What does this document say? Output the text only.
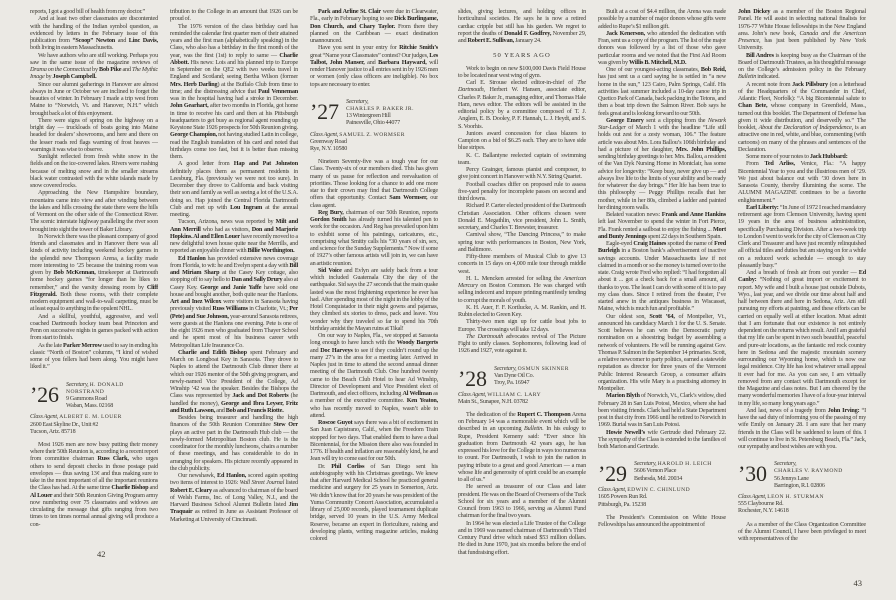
reports, I got a good bill of health from my doctor.”

And at least two other classmates are discontented with the handling of the Indian symbol question, as evidenced by letters in the February issue of this publication from “Scoop” Newton and Linc Davis, both living in eastern Massachusetts.

We have authors who are still working. Perhaps you saw in the same issue of the magazine reviews of Drama on the Connecticut by Bob Pike and The Mythic Image by Joseph Campbell.

Since our alumni gatherings in Hanover are almost always in June or October we are inclined to forget the beauties of winter. In February I made a trip west from Maine to “Norwich, Vt. and Hanover, N.H.” which brought back a lot of this enjoyment.

There were signs of spring on the highway on a bright day — truckloads of boats going into Maine headed for dealers’ showrooms, and here and there on the lesser roads red flags warning of frost heaves — warnings it was wise to observe.

Sunlight reflected from fresh white snow in the fields and on the ice-covered lakes. Rivers were rushing because of melting snow and in the smaller streams black water contrasted with the white islands made by snow covered rocks.

Approaching the New Hampshire boundary, mountains came into view and after winding between the lakes and hills crossing the state there were the hills of Vermont on the other side of the Connecticut River. The scenic interstate highway paralleling the river soon brought into sight the tower of Baker Library.

In Norwich there was the pleasant company of good friends and classmates and in Hanover there was all kinds of activity including weekend hockey games in the splendid new Thompson Arena, a facility made more interesting to ’25 because the training room was given by Bob McKennan, timekeeper at Dartmouth home hockey games “for longer than he likes to remember,” and the varsity dressing room by Cliff Fitzgerald. Both these rooms, with their complete modern equipment and wall-to-wall carpeting, must be at least equal to anything in the opulent NHL.

And a skillful, youthful, aggressive, and well coached Dartmouth hockey team beat Princeton and Penn on successive nights in games packed with action from start to finish.

As the late Parker Merrow used to say in ending his classic “North of Boston” columns, “I kind of wished some of you fellers had been along. You might have liked it.”

’26	Secretary, H. DONALD NORSTRAND
9 Gammons Road
Waban, Mass. 02168
Class Agent, ALBERT E. M. LOUER
2600 East Skyline Dr., Unit #2
Tucson, Ariz. 85718

Most 1926 men are now busy putting their money where their 50th Reunion is, according to a recent report from committee chairman Russ Clark, who urges others to send deposit checks in those postage paid envelopes — thus saving 13¢ and thus making sure to take in the most important of all the important reunions the Class has had. At the same time Charlie Bishop and Al Louer and their 50th Reunion Giving Program army now numbering over 75 classmates and widows are circulating the message that gifts ranging from two times to ten times normal annual giving will produce a con-

tribution to the College in an amount that 1926 can be proud of.

The 1976 version of the class birthday card has reminded the calendar first quarter men of their attained years and the first man (alphabetically speaking) in the Class, who also has a birthday in the first month of the year, was the first (1st) to reply to same — Charlie Abbott. His news: Lois and his planned trip to Europe in September on the QE2 with two weeks travel in England and Scotland; seeing Bertha Wilson (former Mrs. Herb Darling) at the Buffalo Club from time to time; and the distressing advice that Paul Venneman was in the hospital having had a stroke in December. John Gearhart, after two months in Florida, got home in time to receive his card and then at his Pittsburgh headquarters to get busy as regional agent rounding up Keystone State 1926 prospects for 50th Reunion giving. George Champion, not having studied Latin in college, read the English translation of his card and noted that birthdays come too fast, but it is better than missing them.

A good letter from Hap and Pat Johnston definitely places them as permanent residents in Leesburg, Fla. (previously we were not too sure). In December they drove to California and back visiting their son and family as well as seeing a lot of the U.S.A. doing so. Hap joined the Central Florida Dartmouth Club and met up with Lou Ingram at the annual meeting.

Tucson, Arizona, news was reported by Milt and Ann Merrill who had as visitors, Don and Marjorie Hopkins. Al and Ellen Louer have recently moved to a new delightful town house quite near the Merrills, and reported an enjoyable dinner with Billie Worthington.

Ed Hanlon has provided extensive news coverage from Florida, to wit: he and Evelyn spent a day with Bill and Miriam Sharp at the Casey Key cottage, also stopping off to say hello to Dan and Sally Drury also at Casey Key. George and Janie Yaffe have sold one house and bought another, both quite near the Hanlons. Art and Inez Wilcox were visitors in Sarasota having previously visited Russ Williams in Charlotte, Vt.; Per (Pete) and Sue Johnson, year-around Sarasota retirees, were guests at the Hanlons one evening. Pete is one of the eight 1926 men who graduated from Thayer School and he spent most of his business career with Metropolitan Life Insurance Co.

Charlie and Edith Bishop spent February and March on Longboat Key in Sarasota. They drove to Naples to attend the Dartmouth Club dinner there at which our 1926 mentor of the 50th giving program, and newly-named Vice President of the College, Ad Winship ’42 was the speaker. Besides the Bishops the Class was represented by Jack and Dot Roberts (he handled the money), George and Ibra Leyser, Fritz and Ruth Lawson, and Bob and Francis Riotte.

Besides being treasurer and handling the high finances of the 50th Reunion Committee Stew Orr plays an active part in the Dartmouth Hub club — the newly-formed Metropolitan Boston club. He is the coordinator for the monthly luncheons, chairs a number of these meetings, and has considerable to do in arranging for speakers. His picture recently appeared in the club publicity.

Our newshawk, Ed Hanlon, scored again spotting two items of interest to 1926: Wall Street Journal listed Robert E. Cleary as advanced to chairman of the board of Welsh Farms, Inc. of Long Valley, N.J., and the Harvard Business School Alumni Bulletin listed Jim Traquair as retired in June as Assistant Professor of Marketing at University of Cincinnati.

Park and Arline St. Clair were due in Clearwater, Fla., early in February hoping to see Dick Burlingame, Don Church, and Chary Taylor. From there they planned on the Caribbean — exact destination unannounced.

Have you sent in your entry for Ritchie Smith’s great “Name your Classmates” contest? Our judges, Les Talbot, John Manser, and Barbara Hayward, will render Hanover justice to all entries sent in by 1926 men or women (only class officers are ineligible). No box tops are necessary to enter.

’27	Secretary,
CHARLES P. BAKER JR.
13 Wintergreen Hill
Painesville, Ohio 44077
Class Agent, SAMUEL Z. WORMSER
Greenway Road
Rye, N.Y. 10580

Nineteen Seventy-five was a tough year for our Class. Twenty-six of our members died. This has given many of us pause for reflection and reevaluation of priorities. Those looking for a chance to add one more star to their crown may find that Dartmouth College offers that opportunity. Contact Sam Wormser, our class agent.

Reg Bury, chairman of our 50th Reunion, reports Gordon Smith has already turned his talented pen to work for the occasion. And Reg has prevailed upon him to exhibit some of his paintings, caricatures, etc., comprising what Smitty calls his “30 years of sin, sex, and science for the Sunday Supplements.” Now if some of 1927’s other famous artists will join in, we can have an artistic reunion.

Sid Voice and Evlyn are safely back from a tour which included Guatemala City the day of the earthquake. Sid says the 27 seconds that the main quake lasted was the most frightening experience he ever has had. After spending most of the night in the lobby of the Hotel Conquistador in their night gowns and pajamas, they climbed six stories to dress, pack and leave. You wonder why they traveled so far to spend his 70th birthday amidst the Mayan ruins at Tikal!

On our way to Naples, Fla., we stopped at Sarasota long enough to have lunch with the Woody Bargerts and Doc Harveys to see if they couldn’t round up the many 27’s in the area for a meeting later. Arrived in Naples just in time to attend the second annual dinner meeting of the Dartmouth Club. One hundred twenty came to the Beach Club Hotel to hear Ad Winship, Director of Development and Vice President elect of Dartmouth, and elect officers, including Al Wellman as a member of the executive committee. Ken Yeaton, who has recently moved to Naples, wasn’t able to attend.

Roscoe Guyot says there was a bit of excitement in San Juan Capistrano, Calif., when the Freedom Train stopped for two days. That enabled them to have a dual Bicentennial, for the Mission there also was founded in 1776. If health and inflation are reasonably kind, he and Jean will try to come east for our 50th.

Dr. Phil Corliss of San Diego sent his autobiography with his Christmas greetings. We knew that after Harvard Medical School he practiced general medicine and surgery for 25 years in Somerton, Ariz. We didn’t know that for 20 years he was president of the Yuma Community Concert Association, accumulated a library of 25,000 records, played tournament duplicate bridge, served 10 years in the U.S. Army Medical Reserve, became an expert in floriculture, raising and developing plants, writing magazine articles, making colored

slides, giving lectures, and holding offices in horticultural societies. He says he is now a retired cardiac cripple but still has his garden. We regret to report the deaths of Donald F. Godfrey, November 29, and Robert E. Sullivan, January 24.

50 YEARS AGO

Work to begin on new $100,000 Davis Field House to be located near west wing of gym.

Carl E. Strouse elected editor-in-chief of The Dartmouth, Herbert W. Hansen, associate editor, Charles P. Baker Jr., managing editor, and Thomas Hale Ham, news editor. The editors will be assisted in the editorial policy by a committee composed of T. J. Anglem, E. B. Dooley, P. F. Hannah, L. J. Heydt, and S. S. Voorhis.

Juniors award concession for class blazers to Campion on a bid of $6.25 each. They are to have side blue stripes.

K. C. Ballantyne reelected captain of swimming team.

Percy Grainger, famous pianist and composer, to give joint concert in Hanover with N.Y. String Quartet.

Football coaches differ on proposed rule to assess five-yard penalty for incomplete passes on second and third downs.

Richard P. Carter elected president of the Dartmouth Christian Association. Other officers chosen were Donald E. Megathlin, vice president, John L. Smith, secretary, and Charles T. Brewster, treasurer.

Carnival show, “The Dancing Princess,” to make spring tour with performances in Boston, New York, and Baltimore.

Fifty-three members of Musical Club to give 13 concerts in 15 days on 4,000 mile tour through middle west.

H. L. Mencken arrested for selling the American Mercury on Boston Common. He was charged with selling indecent and impure printing manifestly tending to corrupt the morals of youth.

K. H. Auer, F. F. Kortlucke, A. M. Rankin, and H. Rubin elected to Green Key.

Thirty-two men sign up for cattle boat jobs to Europe. The crossings will take 12 days.

The Dartmouth advocates revival of The Picture Fight to unify classes. Sophomores, following lead of 1926 and 1927, vote against it.

’28	Secretary, OSMUN SKINNER
Van Dyne Oil Co.
Troy, Pa. 16947
Class Agent, WILLIAM C. LARY
Main St., Sunapee, N.H. 03782

The dedication of the Rupert C. Thompson Arena on February 14 was a memorable event which will be described in an upcoming Bulletin. In his eulogy to Rupe, President Kemeny said: “Ever since his graduation from Dartmouth 42 years ago, he has expressed his love for the College in ways too numerous to count. For Dartmouth, I wish to join the nation in paying tribute to a great and good American — a man whose life and generosity of spirit could be an example to all of us.”

He served as treasurer of our Class and later president. He was on the Board of Overseers of the Tuck School for six years and a member of the Alumni Council from 1963 to 1966, serving as Alumni Fund chairman for the final two years.

In 1964 he was elected a Life Trustee of the College and in 1969 was named chairman of Dartmouth’s Third Century Fund drive which raised $53 million dollars. He died in June 1970, just six months before the end of that fundraising effort.

Built at a cost of $4.4 million, the Arena was made possible by a number of major donors whose gifts were added to Rupe’s $1 million gift.

Jack Kenerson, who attended the dedication with Fran, sent us a copy of the program. The list of the major donors was followed by a list of those who gave particular rooms and we noted that the First Aid Room was given by Willis B. Mitchell, M.D.

One of our youngest-acting classmates, Bob Reid, has just sent us a card saying he is settled in “a new home in the sun,” 123 Cairo, Palm Springs, Calif. His activities last summer included a 10-day canoe trip in Quetico Park of Canada, back packing in the Tetons, and then a boat trip down the Salmon River. Bob says he feels great and is looking forward to our 50th.

George Emery sent a clipping from the Newark Star-Ledger of March 1 with the headline “Life still holds out zest for a zesty woman, 106.” The feature article was about Mrs. Lora Ballou’s 106th birthday and had a picture of her daughter, Mrs. John Phillips, sending birthday greetings to her. Mrs. Ballou, a resident of the Van Dyk Nursing Home in Montclair, has some advice for longevity: “Keep busy, never give up — and always live life to the limits of your ability and be ready for whatever the day brings.” Her life has been true to this philosophy — Peggy Phillips recalls that her mother, while in her 80s, climbed a ladder and painted her dining room walls.

Belated vacation news: Frank and Anne Hankins left last November to spend the winter in Fort Pierce, Fla. Frank rented a sailboat to enjoy the fishing ... Mort and Bunty Jennings spent 22 days in Southern Spain.

Eagle-eyed Craig Haines spotted the name of Fred Burleigh in a Boston bank’s advertisement of inactive savings accounts. Under Massachusetts law if not claimed in a month or so the money is turned over to the state. Craig wrote Fred who replied: “I had forgotten all about it ... got a check back for a small amount, all thanks to you. The least I can do with some of it is to pay my class dues. Since I retired from the theater, I’ve started anew in the antiques business in Wiscasset, Maine, which is much fun and profitable.”

Our oldest son, Scott ’64, of Montpelier, Vt., announced his candidacy March 1 for the U. S. Senate. Scott believes he can win the Democratic party nomination on a shoestring budget by assembling a network of volunteers. He will be running against Gov. Thomas P. Salmon in the September 14 primaries. Scott, a relative newcomer to party politics, earned a statewide reputation as director for three years of the Vermont Public Interest Research Group, a consumer affairs organization. His wife Mary is a practising attorney in Montpelier.

Marion Blyth of Norwich, Vt., Clark’s widow, died February 28 in San Luis Potosi, Mexico, where she had been visiting friends. Clark had held a State Department post in that city from 1966 until he retired to Norwich in 1969. Burial was in San Luis Potosi.

Howie Newell’s wife Gertrude died February 22. The sympathy of the Class is extended to the families of both Marion and Gertrude.

’29	Secretary, HAROLD H. LEICH
5606 Vernon Place
Bethesda, Md. 20034
Class Agent, EDWIN C. CHINLUND
1605 Powers Run Rd.
Pittsburgh, Pa. 15238

The President’s Commission on White House Fellowships has announced the appointment of

John Dickey as a member of the Boston Regional Panel. He will assist in selecting national finalists for 1976-77 White House fellowships in the New England area. John’s new book, Canada and the American Presence, has just been published by New York University.

Bill Andres is keeping busy as the Chairman of the Board of Dartmouth Trustees, as his thoughtful message on the College’s admission policy in the February Bulletin indicated.

A recent note from Jack Pillsbury (on a letterhead of the Headquarters of the Commander in Chief, Atlantic Fleet, Norfolk): “A big Bicentennial salute to Chan Bete, whose company in Greenfield, Mass., turned out this booklet. The Department of Defense has given it wide distribution, and deservedly so.” The booklet, About the Declaration of Independence, is an attractive one in red, white, and blue, commenting (with cartoons) on many of the phrases and sentences of the Declaration.

Some more of your notes to Jack Hubbard:

From Ted Arliss, Venice, Fla.: “A happy Bicentennial Year to you and the illustrious men of ’29. We just about balance out with ’30 down here in Sarasota County, thereby illumining the scene. The ALUMNI MAGAZINE continues to be a favorite enlightenment.”

Earl Liberty: “In June of 1972 I reached mandatory retirement age from Clemson University, having spent 19 years in the area of business administration, specifically Purchasing Division. After a two-week trip to London I went to work for the city of Clemson as City Clerk and Treasurer and have just recently relinquished all official titles and duties but am staying on for a while on a reduced work schedule — enough to stay pleasantly busy.”

And a breath of fresh air from out yonder — Ed Canby: “Nothing of great import or excitement to report. My wife and I built a house just outside Dubois, Wyo., last year, and we divide our time about half and half between there and here in Sedona, Ariz. Am still pursuing my efforts at painting, and these efforts can be carried on equally well at either location. Must admit that I am fortunate that our existence is not entirely dependent on the returns which result. And I am grateful that my life can be spent in two such beautiful, peaceful and pure-air locations, as the fantastic red rock country here in Sedona and the majestic mountain scenery surrounding our Wyoming home, which is now our legal residence. City life has lost whatever small appeal it ever had for me. As you can see, I am virtually removed from any contact with Dartmouth except for the Magazine and class notes. But I am cheered by the many wonderful memories I have of a four-year interval in my life, so many long years ago.”

And last, news of a tragedy from John Irving: “I have the sad duty of informing you of the passing of my wife Emily on January 28. I am sure that her many friends in the Class will be saddened to learn of this. I will continue to live in St. Petersburg Beach, Fla.” Jack, our sympathy and best wishes are with you.

’30	Secretary,
CHARLES V. RAYMOND
56 Jennys Lane
Barrington, R.I. 02806
Class Agent, LEON H. STURMAN
555 Claybourne Rd.
Rochester, N.Y. 14618

As a member of the Class Organization Committee of the Alumni Council, I have been privileged to meet with representatives of the

42
43
